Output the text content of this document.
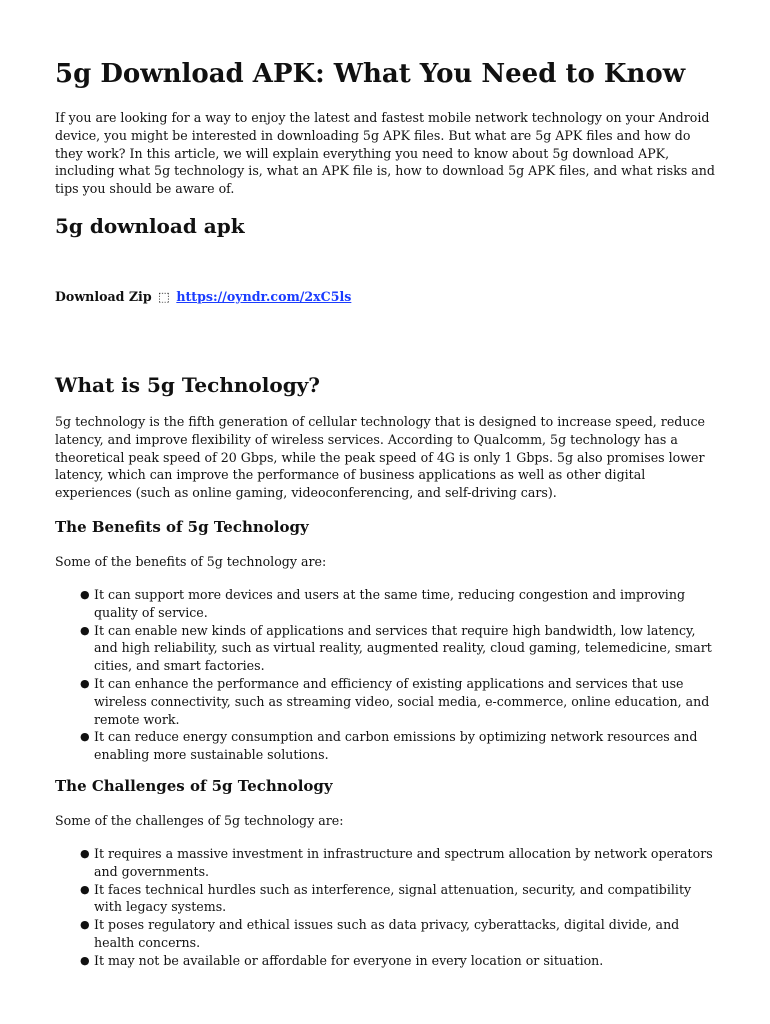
5g Download APK: What You Need to Know

If you are looking for a way to enjoy the latest and fastest mobile network technology on your Android device, you might be interested in downloading 5g APK files. But what are 5g APK files and how do they work? In this article, we will explain everything you need to know about 5g download APK, including what 5g technology is, what an APK file is, how to download 5g APK files, and what risks and tips you should be aware of.

5g download apk
Download Zip ⬚ https://oyndr.com/2xC5ls
What is 5g Technology?

5g technology is the fifth generation of cellular technology that is designed to increase speed, reduce latency, and improve flexibility of wireless services. According to Qualcomm, 5g technology has a theoretical peak speed of 20 Gbps, while the peak speed of 4G is only 1 Gbps. 5g also promises lower latency, which can improve the performance of business applications as well as other digital experiences (such as online gaming, videoconferencing, and self-driving cars).

The Benefits of 5g Technology

Some of the benefits of 5g technology are:

● It can support more devices and users at the same time, reducing congestion and improving quality of service.
● It can enable new kinds of applications and services that require high bandwidth, low latency, and high reliability, such as virtual reality, augmented reality, cloud gaming, telemedicine, smart cities, and smart factories.
● It can enhance the performance and efficiency of existing applications and services that use wireless connectivity, such as streaming video, social media, e-commerce, online education, and remote work.
● It can reduce energy consumption and carbon emissions by optimizing network resources and enabling more sustainable solutions.
The Challenges of 5g Technology

Some of the challenges of 5g technology are:

● It requires a massive investment in infrastructure and spectrum allocation by network operators and governments.
● It faces technical hurdles such as interference, signal attenuation, security, and compatibility with legacy systems.
● It poses regulatory and ethical issues such as data privacy, cyberattacks, digital divide, and health concerns.
● It may not be available or affordable for everyone in every location or situation.
